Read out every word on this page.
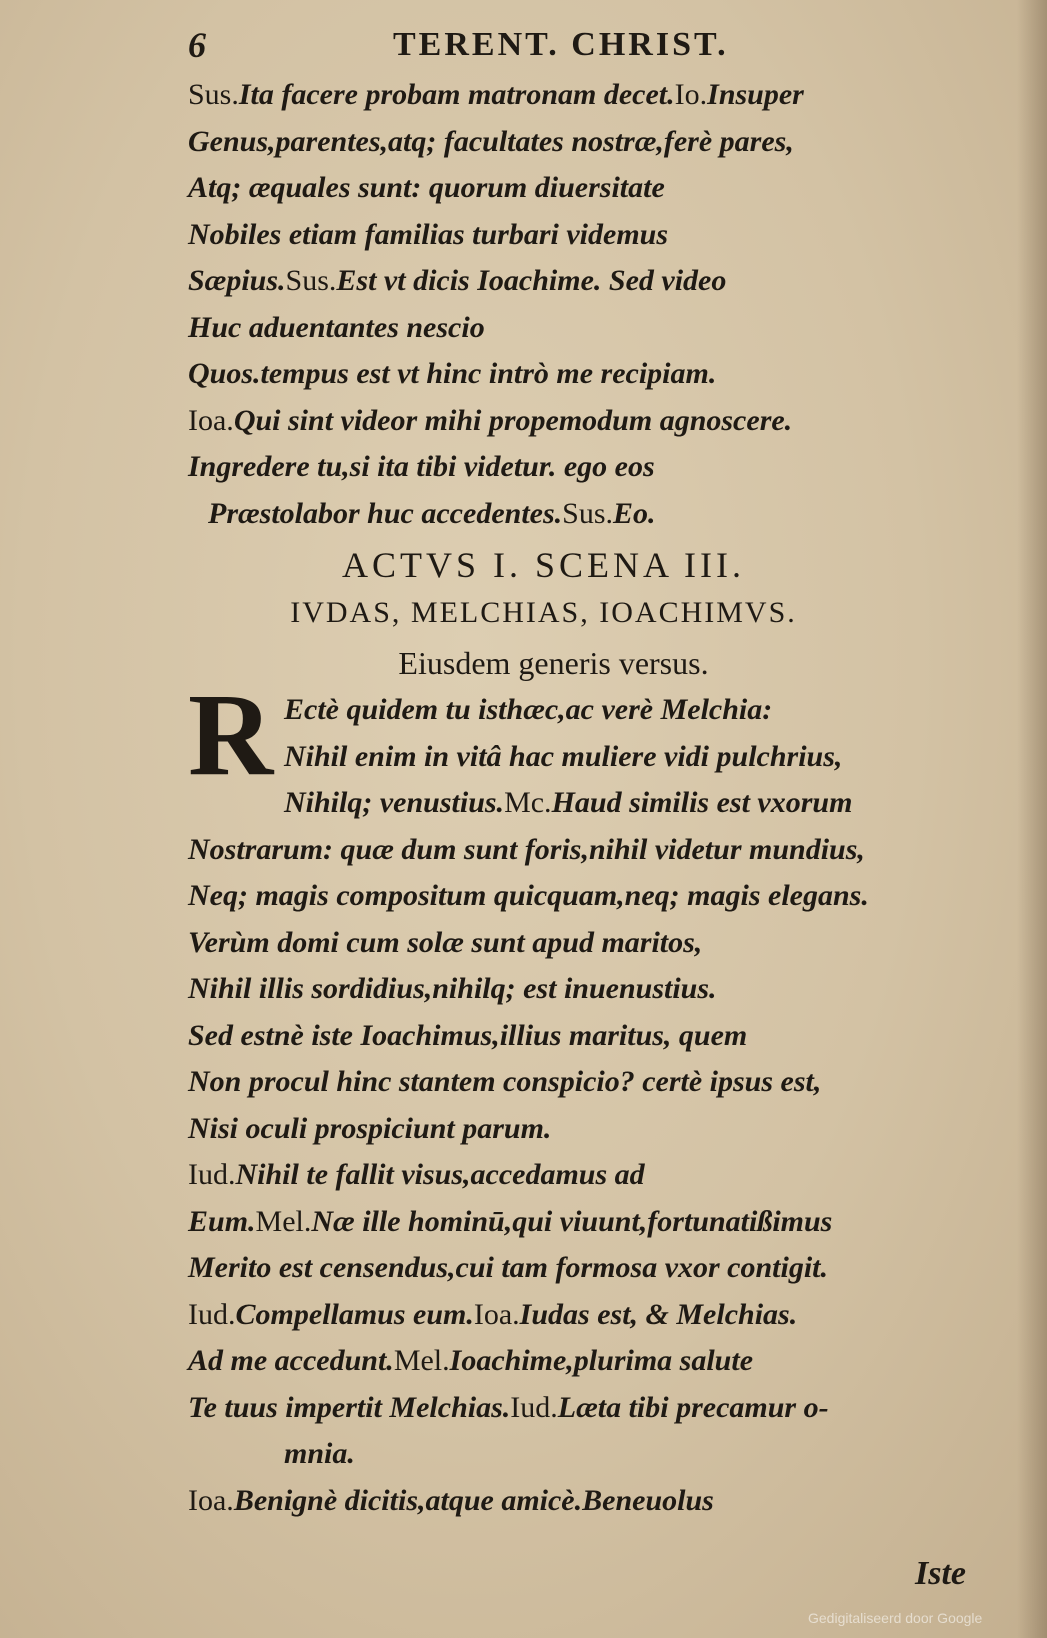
6	TERENT. CHRIST.
Sus.Ita facere probam matronam decet.Io.Insuper
Genus,parentes,atq; facultates nostræ,ferè pares,
Atq; æquales sunt: quorum diuersitate
Nobiles etiam familias turbari videmus
Sæpius.Sus.Est vt dicis Ioachime. Sed video
Huc aduentantes nescio
Quos.tempus est vt hinc intrò me recipiam.
Ioa.Qui sint videor mihi propemodum agnoscere.
Ingredere tu,si ita tibi videtur. ego eos
Præstolabor huc accedentes.Sus.Eo.
ACTVS I. SCENA III.
IVDAS, MELCHIAS, IOACHIMVS.
Eiusdem generis versus.
R Ectè quidem tu isthæc,ac verè Melchia:
Nihil enim in vitâ hac muliere vidi pulchrius,
Nihilq; venustius.Mc.Haud similis est vxorum
Nostrarum: quæ dum sunt foris,nihil videtur mundius,
Neq; magis compositum quicquam,neq; magis elegans.
Verùm domi cum solæ sunt apud maritos,
Nihil illis sordidius,nihilq; est inuenustius.
Sed estnè iste Ioachimus,illius maritus, quem
Non procul hinc stantem conspicio? certè ipsus est,
Nisi oculi prospiciunt parum.
Iud.Nihil te fallit visus,accedamus ad
Eum.Mel.Næ ille hominū,qui viuunt,fortunatißimus
Merito est censendus,cui tam formosa vxor contigit.
Iud.Compellamus eum.Ioa.Iudas est, & Melchias.
Ad me accedunt.Mel.Ioachime,plurima salute
Te tuus impertit Melchias.Iud.Læta tibi precamur o-
mnia.
Ioa.Benignè dicitis,atque amicè.Beneuolus
Iste
Gedigitaliseerd door Google
